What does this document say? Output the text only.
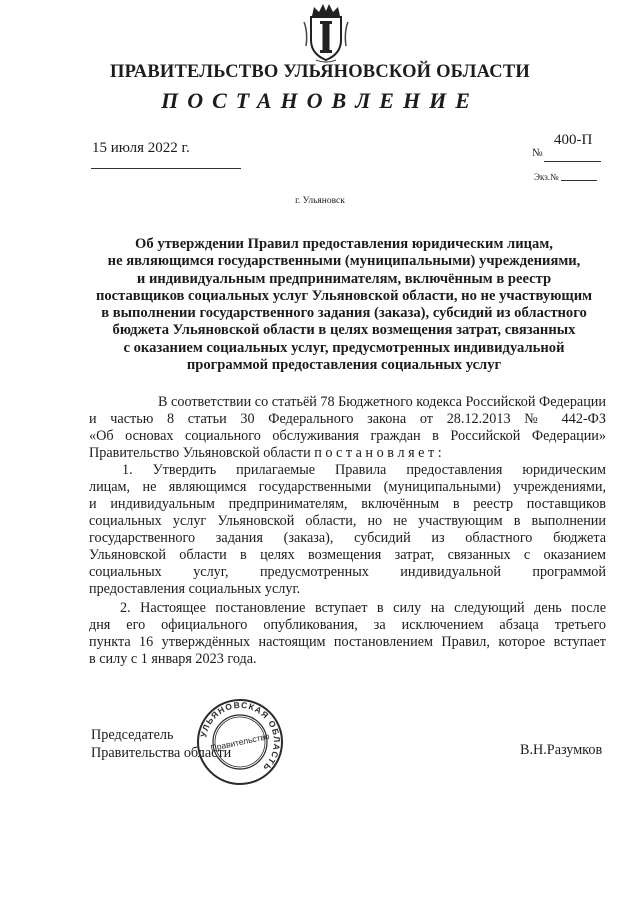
ПРАВИТЕЛЬСТВО УЛЬЯНОВСКОЙ ОБЛАСТИ
ПОСТАНОВЛЕНИЕ
15 июля 2022 г.	№
400-П
Экз.№
г. Ульяновск
Об утверждении Правил предоставления юридическим лицам,
не являющимся государственными (муниципальными) учреждениями,
и индивидуальным предпринимателям, включённым в реестр
поставщиков социальных услуг Ульяновской области, но не участвующим
в выполнении государственного задания (заказа), субсидий из областного
бюджета Ульяновской области в целях возмещения затрат, связанных
с оказанием социальных услуг, предусмотренных индивидуальной
программой предоставления социальных услуг
В соответствии со статьёй 78 Бюджетного кодекса Российской Федерации
и частью 8 статьи 30 Федерального закона от 28.12.2013 № 442-ФЗ
«Об основах социального обслуживания граждан в Российской Федерации»
Правительство Ульяновской области п о с т а н о в л я е т :
1. Утвердить прилагаемые Правила предоставления юридическим
лицам, не являющимся государственными (муниципальными) учреждениями,
и индивидуальным предпринимателям, включённым в реестр поставщиков
социальных услуг Ульяновской области, но не участвующим в выполнении
государственного задания (заказа), субсидий из областного бюджета
Ульяновской области в целях возмещения затрат, связанных с оказанием
социальных услуг, предусмотренных индивидуальной программой
предоставления социальных услуг.
2. Настоящее постановление вступает в силу на следующий день после
дня его официального опубликования, за исключением абзаца третьего
пункта 16 утверждённых настоящим постановлением Правил, которое вступает
в силу с 1 января 2023 года.
Председатель
Правительства области	В.Н.Разумков
УЛЬЯНОВСКАЯ ОБЛАСТЬ
Правительство
